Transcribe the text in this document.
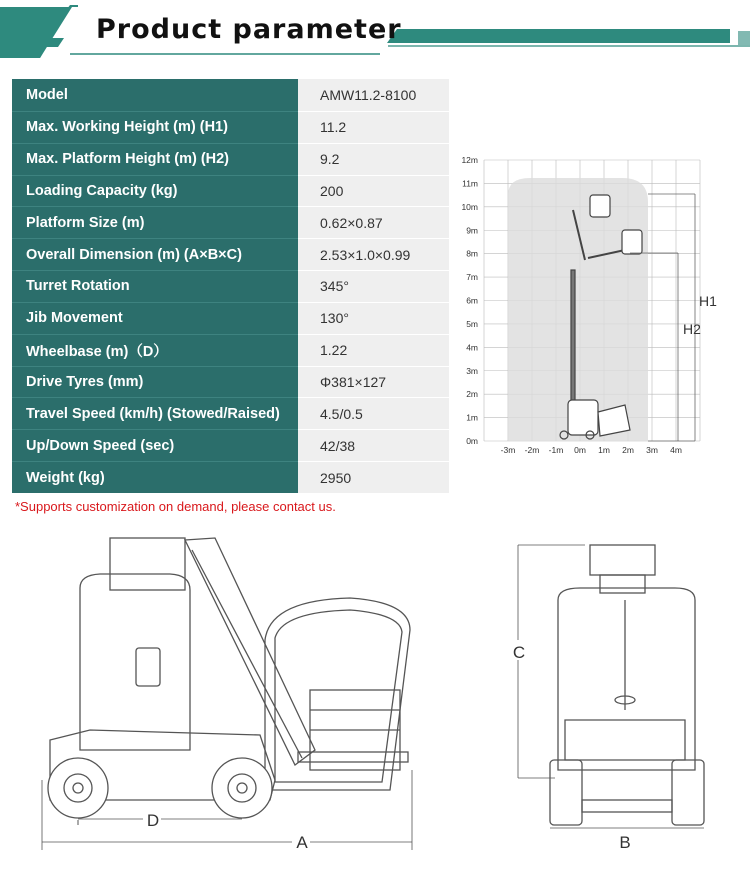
Product parameter
Model	AMW11.2-8100
Max. Working Height (m) (H1)	11.2
Max. Platform Height (m) (H2)	9.2
Loading Capacity (kg)	200
Platform Size (m)	0.62×0.87
Overall Dimension (m) (A×B×C)	2.53×1.0×0.99
Turret Rotation	345°
Jib Movement	130°
Wheelbase (m)（D）	1.22
Drive Tyres (mm)	Φ381×127
Travel Speed (km/h) (Stowed/Raised)	4.5/0.5
Up/Down Speed (sec)	42/38
Weight (kg)	2950
*Supports customization on demand, please contact us.
H1
H2
12m
11m
10m
9m
8m
7m
6m
5m
4m
3m
2m
1m
0m
-3m -2m -1m 0m 1m 2m 3m 4m
D
A
C
B
